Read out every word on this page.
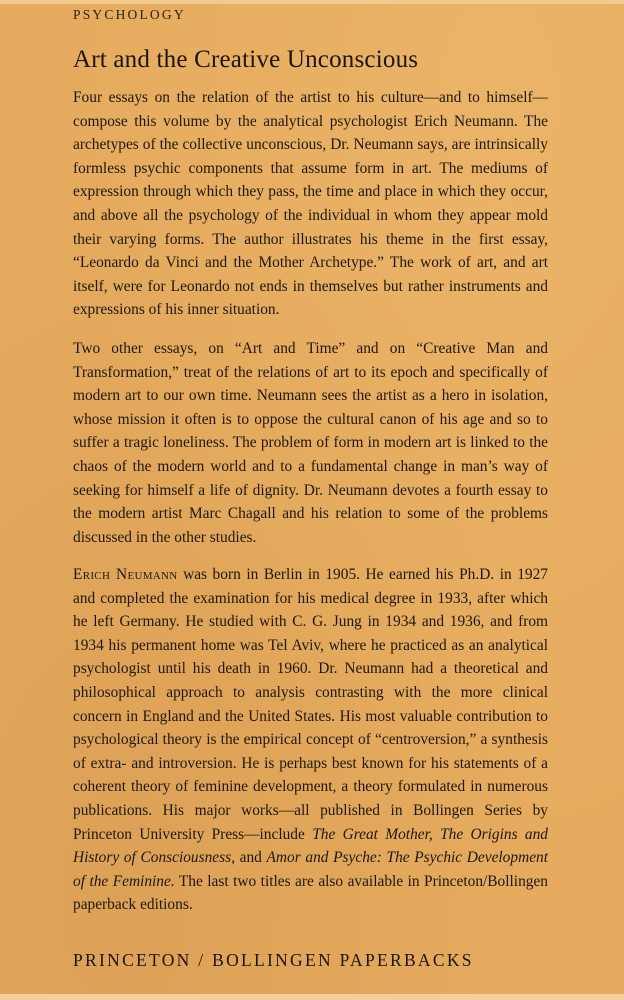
PSYCHOLOGY
Art and the Creative Unconscious

Four essays on the relation of the artist to his culture—and to himself—compose this volume by the analytical psychologist Erich Neumann. The archetypes of the collective unconscious, Dr. Neumann says, are intrinsically formless psychic components that assume form in art. The mediums of expression through which they pass, the time and place in which they occur, and above all the psychology of the individual in whom they appear mold their varying forms. The author illustrates his theme in the first essay, “Leonardo da Vinci and the Mother Archetype.” The work of art, and art itself, were for Leonardo not ends in themselves but rather instruments and expressions of his inner situation.

Two other essays, on “Art and Time” and on “Creative Man and Transformation,” treat of the relations of art to its epoch and specifically of modern art to our own time. Neumann sees the artist as a hero in isolation, whose mission it often is to oppose the cultural canon of his age and so to suffer a tragic loneliness. The problem of form in modern art is linked to the chaos of the modern world and to a fundamental change in man’s way of seeking for himself a life of dignity. Dr. Neumann devotes a fourth essay to the modern artist Marc Chagall and his relation to some of the problems discussed in the other studies.

Erich Neumann was born in Berlin in 1905. He earned his Ph.D. in 1927 and completed the examination for his medical degree in 1933, after which he left Germany. He studied with C. G. Jung in 1934 and 1936, and from 1934 his permanent home was Tel Aviv, where he practiced as an analytical psychologist until his death in 1960. Dr. Neumann had a theoretical and philosophical approach to analysis contrasting with the more clinical concern in England and the United States. His most valuable contribution to psychological theory is the empirical concept of “centroversion,” a synthesis of extra- and introversion. He is perhaps best known for his statements of a coherent theory of feminine development, a theory formulated in numerous publications. His major works—all published in Bollingen Series by Princeton University Press—include The Great Mother, The Origins and History of Consciousness, and Amor and Psyche: The Psychic Development of the Feminine. The last two titles are also available in Princeton/Bollingen paperback editions.

PRINCETON / BOLLINGEN PAPERBACKS
